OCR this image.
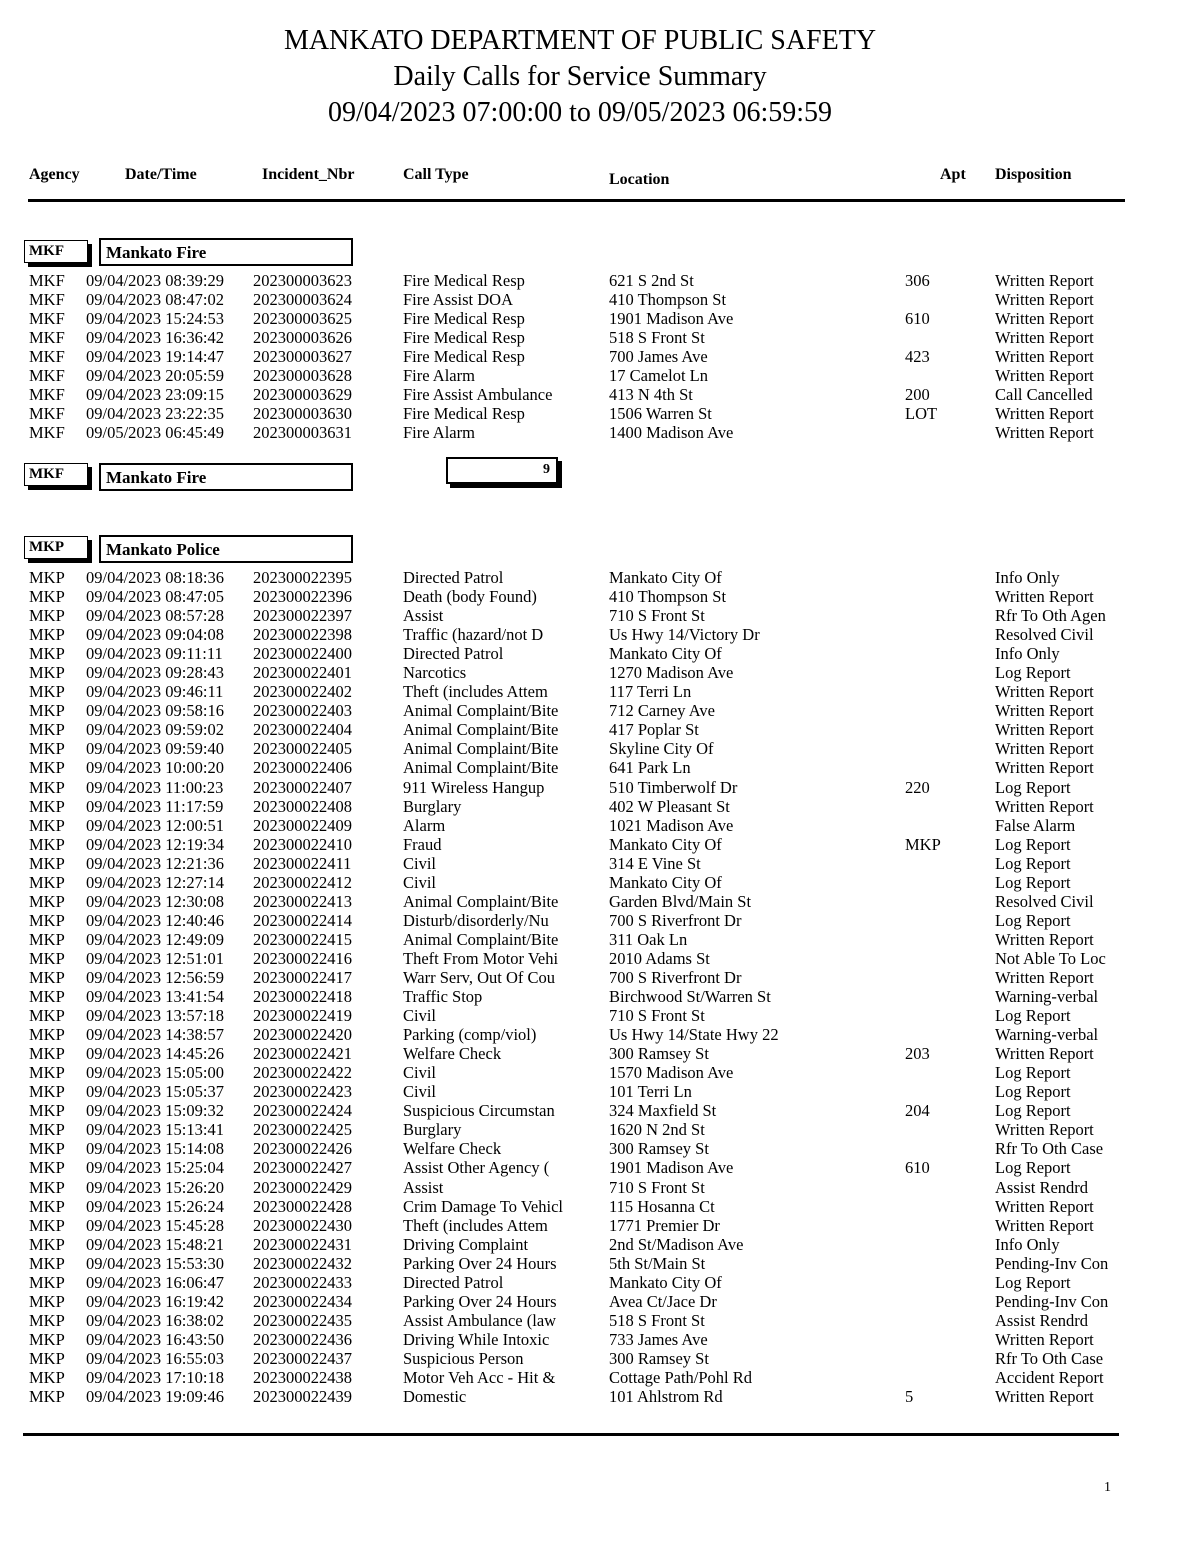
MANKATO DEPARTMENT OF PUBLIC SAFETY
Daily Calls for Service Summary
09/04/2023 07:00:00 to 09/05/2023 06:59:59
Agency	Date/Time	Incident_Nbr	Call Type	Location	Apt Disposition
MKF	Mankato Fire
MKF 09/04/2023 08:39:29 202300003623	Fire Medical Resp	621 S 2nd St	306	Written Report
MKF 09/04/2023 08:47:02 202300003624	Fire Assist DOA	410 Thompson St	Written Report
MKF 09/04/2023 15:24:53 202300003625	Fire Medical Resp	1901 Madison Ave	610	Written Report
MKF 09/04/2023 16:36:42 202300003626	Fire Medical Resp	518 S Front St	Written Report
MKF 09/04/2023 19:14:47 202300003627	Fire Medical Resp	700 James Ave	423	Written Report
MKF 09/04/2023 20:05:59 202300003628	Fire Alarm	17 Camelot Ln	Written Report
MKF 09/04/2023 23:09:15 202300003629	Fire Assist Ambulance	413 N 4th St	200	Call Cancelled
MKF 09/04/2023 23:22:35 202300003630	Fire Medical Resp	1506 Warren St	LOT	Written Report
MKF 09/05/2023 06:45:49 202300003631	Fire Alarm	1400 Madison Ave	Written Report
MKF	Mankato Fire	9
MKP	Mankato Police
MKP 09/04/2023 08:18:36 202300022395	Directed Patrol	Mankato City Of	Info Only
MKP 09/04/2023 08:47:05 202300022396	Death (body Found)	410 Thompson St	Written Report
MKP 09/04/2023 08:57:28 202300022397	Assist	710 S Front St	Rfr To Oth Agen
MKP 09/04/2023 09:04:08 202300022398	Traffic (hazard/not D	Us Hwy 14/Victory Dr	Resolved Civil
MKP 09/04/2023 09:11:11 202300022400	Directed Patrol	Mankato City Of	Info Only
MKP 09/04/2023 09:28:43 202300022401	Narcotics	1270 Madison Ave	Log Report
MKP 09/04/2023 09:46:11 202300022402	Theft (includes Attem	117 Terri Ln	Written Report
MKP 09/04/2023 09:58:16 202300022403	Animal Complaint/Bite	712 Carney Ave	Written Report
MKP 09/04/2023 09:59:02 202300022404	Animal Complaint/Bite	417 Poplar St	Written Report
MKP 09/04/2023 09:59:40 202300022405	Animal Complaint/Bite	Skyline City Of	Written Report
MKP 09/04/2023 10:00:20 202300022406	Animal Complaint/Bite	641 Park Ln	Written Report
MKP 09/04/2023 11:00:23 202300022407	911 Wireless Hangup	510 Timberwolf Dr	220	Log Report
MKP 09/04/2023 11:17:59 202300022408	Burglary	402 W Pleasant St	Written Report
MKP 09/04/2023 12:00:51 202300022409	Alarm	1021 Madison Ave	False Alarm
MKP 09/04/2023 12:19:34 202300022410	Fraud	Mankato City Of	MKP	Log Report
MKP 09/04/2023 12:21:36 202300022411	Civil	314 E Vine St	Log Report
MKP 09/04/2023 12:27:14 202300022412	Civil	Mankato City Of	Log Report
MKP 09/04/2023 12:30:08 202300022413	Animal Complaint/Bite	Garden Blvd/Main St	Resolved Civil
MKP 09/04/2023 12:40:46 202300022414	Disturb/disorderly/Nu	700 S Riverfront Dr	Log Report
MKP 09/04/2023 12:49:09 202300022415	Animal Complaint/Bite	311 Oak Ln	Written Report
MKP 09/04/2023 12:51:01 202300022416	Theft From Motor Vehi	2010 Adams St	Not Able To Loc
MKP 09/04/2023 12:56:59 202300022417	Warr Serv, Out Of Cou	700 S Riverfront Dr	Written Report
MKP 09/04/2023 13:41:54 202300022418	Traffic Stop	Birchwood St/Warren St	Warning-verbal
MKP 09/04/2023 13:57:18 202300022419	Civil	710 S Front St	Log Report
MKP 09/04/2023 14:38:57 202300022420	Parking (comp/viol)	Us Hwy 14/State Hwy 22	Warning-verbal
MKP 09/04/2023 14:45:26 202300022421	Welfare Check	300 Ramsey St	203	Written Report
MKP 09/04/2023 15:05:00 202300022422	Civil	1570 Madison Ave	Log Report
MKP 09/04/2023 15:05:37 202300022423	Civil	101 Terri Ln	Log Report
MKP 09/04/2023 15:09:32 202300022424	Suspicious Circumstan	324 Maxfield St	204	Log Report
MKP 09/04/2023 15:13:41 202300022425	Burglary	1620 N 2nd St	Written Report
MKP 09/04/2023 15:14:08 202300022426	Welfare Check	300 Ramsey St	Rfr To Oth Case
MKP 09/04/2023 15:25:04 202300022427	Assist Other Agency (	1901 Madison Ave	610	Log Report
MKP 09/04/2023 15:26:20 202300022429	Assist	710 S Front St	Assist Rendrd
MKP 09/04/2023 15:26:24 202300022428	Crim Damage To Vehicl	115 Hosanna Ct	Written Report
MKP 09/04/2023 15:45:28 202300022430	Theft (includes Attem	1771 Premier Dr	Written Report
MKP 09/04/2023 15:48:21 202300022431	Driving Complaint	2nd St/Madison Ave	Info Only
MKP 09/04/2023 15:53:30 202300022432	Parking Over 24 Hours	5th St/Main St	Pending-Inv Con
MKP 09/04/2023 16:06:47 202300022433	Directed Patrol	Mankato City Of	Log Report
MKP 09/04/2023 16:19:42 202300022434	Parking Over 24 Hours	Avea Ct/Jace Dr	Pending-Inv Con
MKP 09/04/2023 16:38:02 202300022435	Assist Ambulance (law	518 S Front St	Assist Rendrd
MKP 09/04/2023 16:43:50 202300022436	Driving While Intoxic	733 James Ave	Written Report
MKP 09/04/2023 16:55:03 202300022437	Suspicious Person	300 Ramsey St	Rfr To Oth Case
MKP 09/04/2023 17:10:18 202300022438	Motor Veh Acc - Hit &	Cottage Path/Pohl Rd	Accident Report
MKP 09/04/2023 19:09:46 202300022439	Domestic	101 Ahlstrom Rd	5	Written Report
1
